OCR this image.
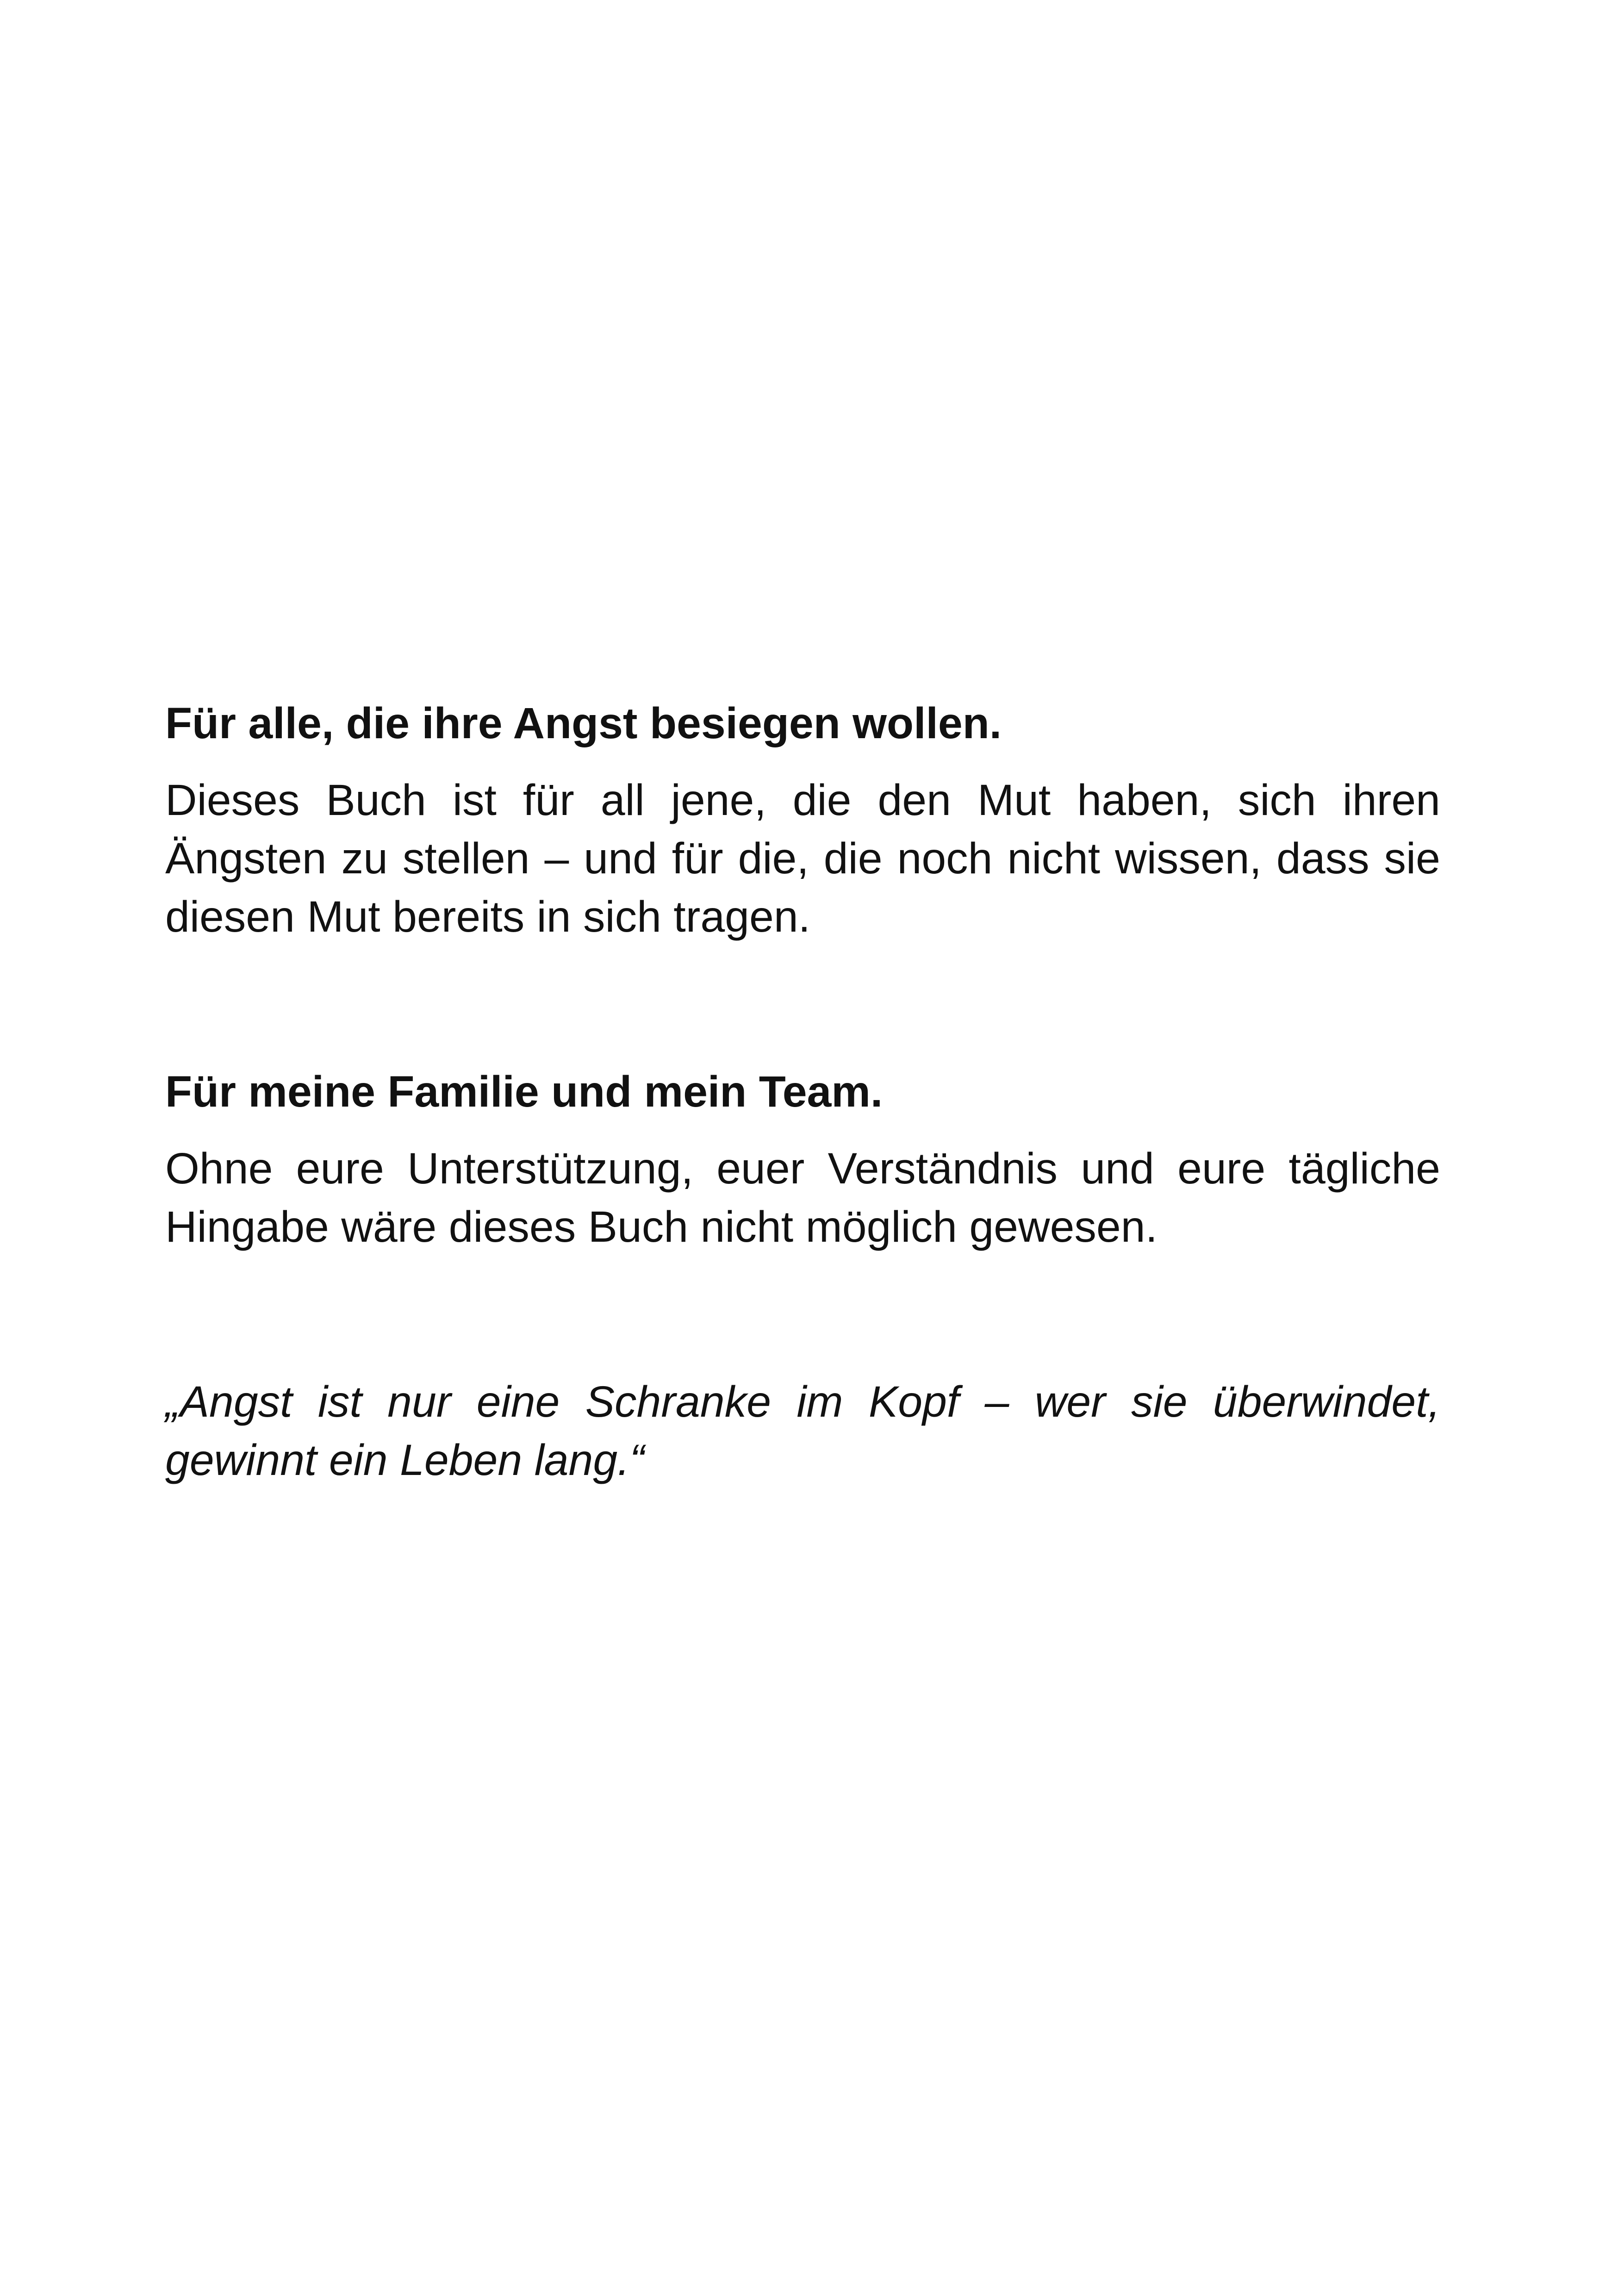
Für alle, die ihre Angst besiegen wollen.

Dieses Buch ist für all jene, die den Mut haben, sich ihren Ängsten zu stellen – und für die, die noch nicht wissen, dass sie diesen Mut bereits in sich tragen.

Für meine Familie und mein Team.

Ohne eure Unterstützung, euer Verständnis und eure tägliche Hingabe wäre dieses Buch nicht möglich gewesen.

„Angst ist nur eine Schranke im Kopf – wer sie überwindet, gewinnt ein Leben lang.“
